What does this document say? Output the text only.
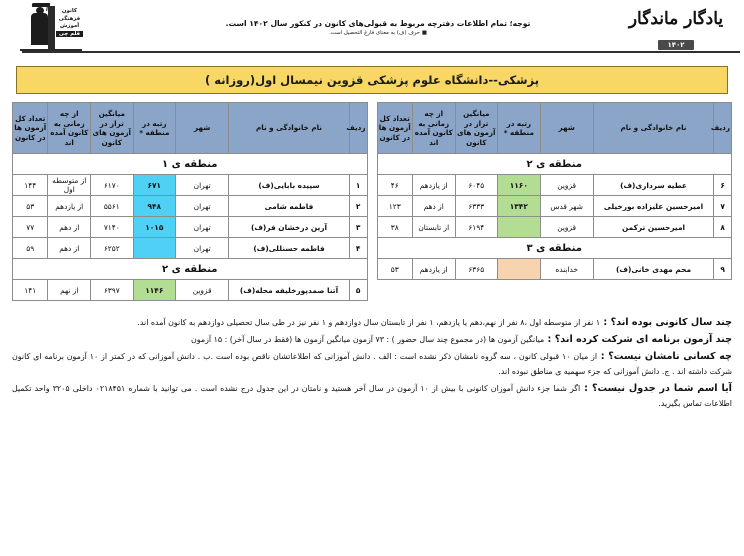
کانون
فرهنگی
آموزش
قلم چی
توجه؛ تمام اطلاعات دفترچه مربوط به قبولی‌های کانون در کنکور سال ۱۴۰۲ است.
■ حرف (ف) به معنای فارغ التحصیل است.
یادگار ماندگار
۱۴۰۲
پزشکی--دانشگاه علوم پزشکی قزوین نیمسال اول(روزانه )
ردیف	نام خانوادگی و نام	شهر	رتبه در منطقه *	میانگین تراز در آزمون های کانون	از چه زمانی به کانون آمده اند	تعداد کل آزمون ها در کانون
منطقه ی ۱						
۱	سپیده بابایی(ف)	تهران	۶۷۱	۶۱۷۰	از متوسطه اول	۱۴۴
۲	فاطمه شامی	تهران	۹۴۸	۵۵۶۱	از یازدهم	۵۳
۳	آرین درخشان فر(ف)	تهران	۱۰۱۵	۷۱۴۰	از دهم	۷۷
۴	فاطمه حسنللی(ف)	تهران		۶۲۵۲	از دهم	۵۹
منطقه ی ۲						
۵	آتنا صمدپورخلیفه محله(ف)	قزوین	۱۱۴۶	۶۳۹۷	از نهم	۱۴۱
ردیف	نام خانوادگی و نام	شهر	رتبه در منطقه *	میانگین تراز در آزمون های کانون	از چه زمانی به کانون آمده اند	تعداد کل آزمون ها در کانون
منطقه ی ۲						
۶	عطیه سرداری(ف)	قزوین	۱۱۶۰	۶۰۴۵	از یازدهم	۴۶
۷	امیرحسین علیزاده بورخیلی	شهر قدس	۱۳۴۲	۶۳۳۳	از دهم	۱۲۳
۸	امیرحسین ترکمن	قزوین		۶۱۹۴	از تابستان	۳۸
منطقه ی ۳						
۹	محم مهدی خانی(ف)	خدابنده		۶۳۶۵	از یازدهم	۵۳
چند سال کانونی بوده اند؟ : ۱ نفر از متوسطه اول ،۸ نفر از نهم،دهم یا یازدهم، ۱ نفر از تابستان سال دوازدهم و ۱ نفر نیز در طی سال تحصیلی دوازدهم به کانون آمده اند.
چند آزمون برنامه ای شرکت کرده اند؟ : میانگین آزمون ها (در مجموع چند سال حضور ) : ۷۳ آزمون میانگین آزمون ها (فقط در سال آخر) : ۱۵ آزمون
چه کسانی نامشان نیست؟ : از میان ۱۰ قبولی کانون ، سه گروه نامشان ذکر نشده است : الف . دانش آموزانی که اطلاعاتشان ناقص بوده است .ب . دانش آموزانی که در کمتر از ۱۰ آزمون برنامه ای کانون شرکت داشته اند . ج. دانش آموزانی که جزء سهمیه ی مناطق نبوده اند.
آیا اسم شما در جدول نیست؟ : اگر شما جزء دانش آموزان کانونی با بیش از ۱۰ آزمون در سال آخر هستید و نامتان در این جدول درج نشده است . می توانید با شماره ۰۲۱۸۴۵۱ داخلی ۳۲۰۵ واحد تکمیل اطلاعات تماس بگیرید.
